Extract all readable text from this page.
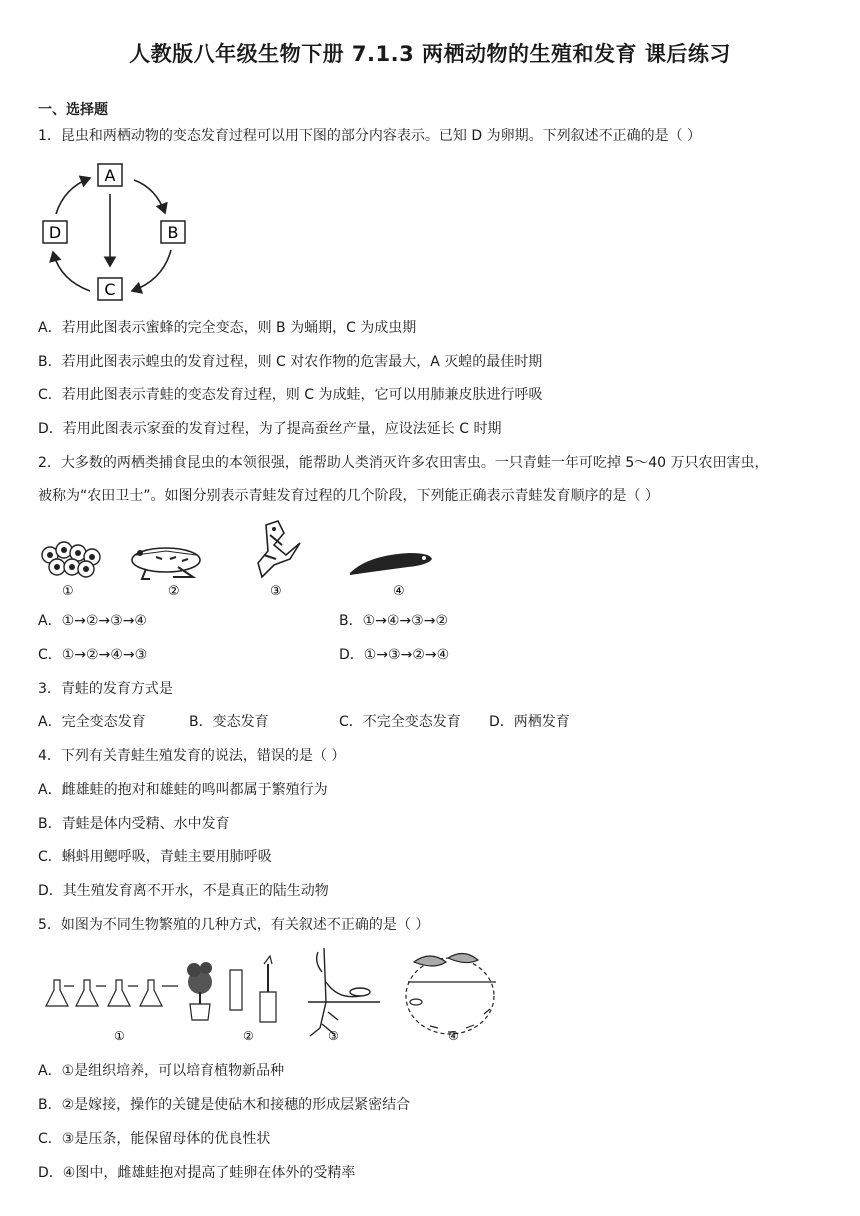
人教版八年级生物下册 7.1.3 两栖动物的生殖和发育 课后练习
一、选择题
1．昆虫和两栖动物的变态发育过程可以用下图的部分内容表示。已知 D 为卵期。下列叙述不正确的是（ ）
A
B
C
D
A．若用此图表示蜜蜂的完全变态，则 B 为蛹期，C 为成虫期
B．若用此图表示蝗虫的发育过程，则 C 对农作物的危害最大，A 灭蝗的最佳时期
C．若用此图表示青蛙的变态发育过程，则 C 为成蛙，它可以用肺兼皮肤进行呼吸
D．若用此图表示家蚕的发育过程，为了提高蚕丝产量，应设法延长 C 时期
2．大多数的两栖类捕食昆虫的本领很强，能帮助人类消灭许多农田害虫。一只青蛙一年可吃掉 5～40 万只农田害虫，
被称为“农田卫士”。如图分别表示青蛙发育过程的几个阶段，下列能正确表示青蛙发育顺序的是（ ）
①	②	③	④
A．①→②→③→④	B．①→④→③→②
C．①→②→④→③	D．①→③→②→④
3．青蛙的发育方式是
A．完全变态发育	B．变态发育	C．不完全变态发育 D．两栖发育
4．下列有关青蛙生殖发育的说法，错误的是（ ）
A．雌雄蛙的抱对和雄蛙的鸣叫都属于繁殖行为
B．青蛙是体内受精、水中发育
C．蝌蚪用鳃呼吸，青蛙主要用肺呼吸
D．其生殖发育离不开水，不是真正的陆生动物
5．如图为不同生物繁殖的几种方式，有关叙述不正确的是（ ）
①	②	③	④
A．①是组织培养，可以培育植物新品种
B．②是嫁接，操作的关键是使砧木和接穗的形成层紧密结合
C．③是压条，能保留母体的优良性状
D．④图中，雌雄蛙抱对提高了蛙卵在体外的受精率
